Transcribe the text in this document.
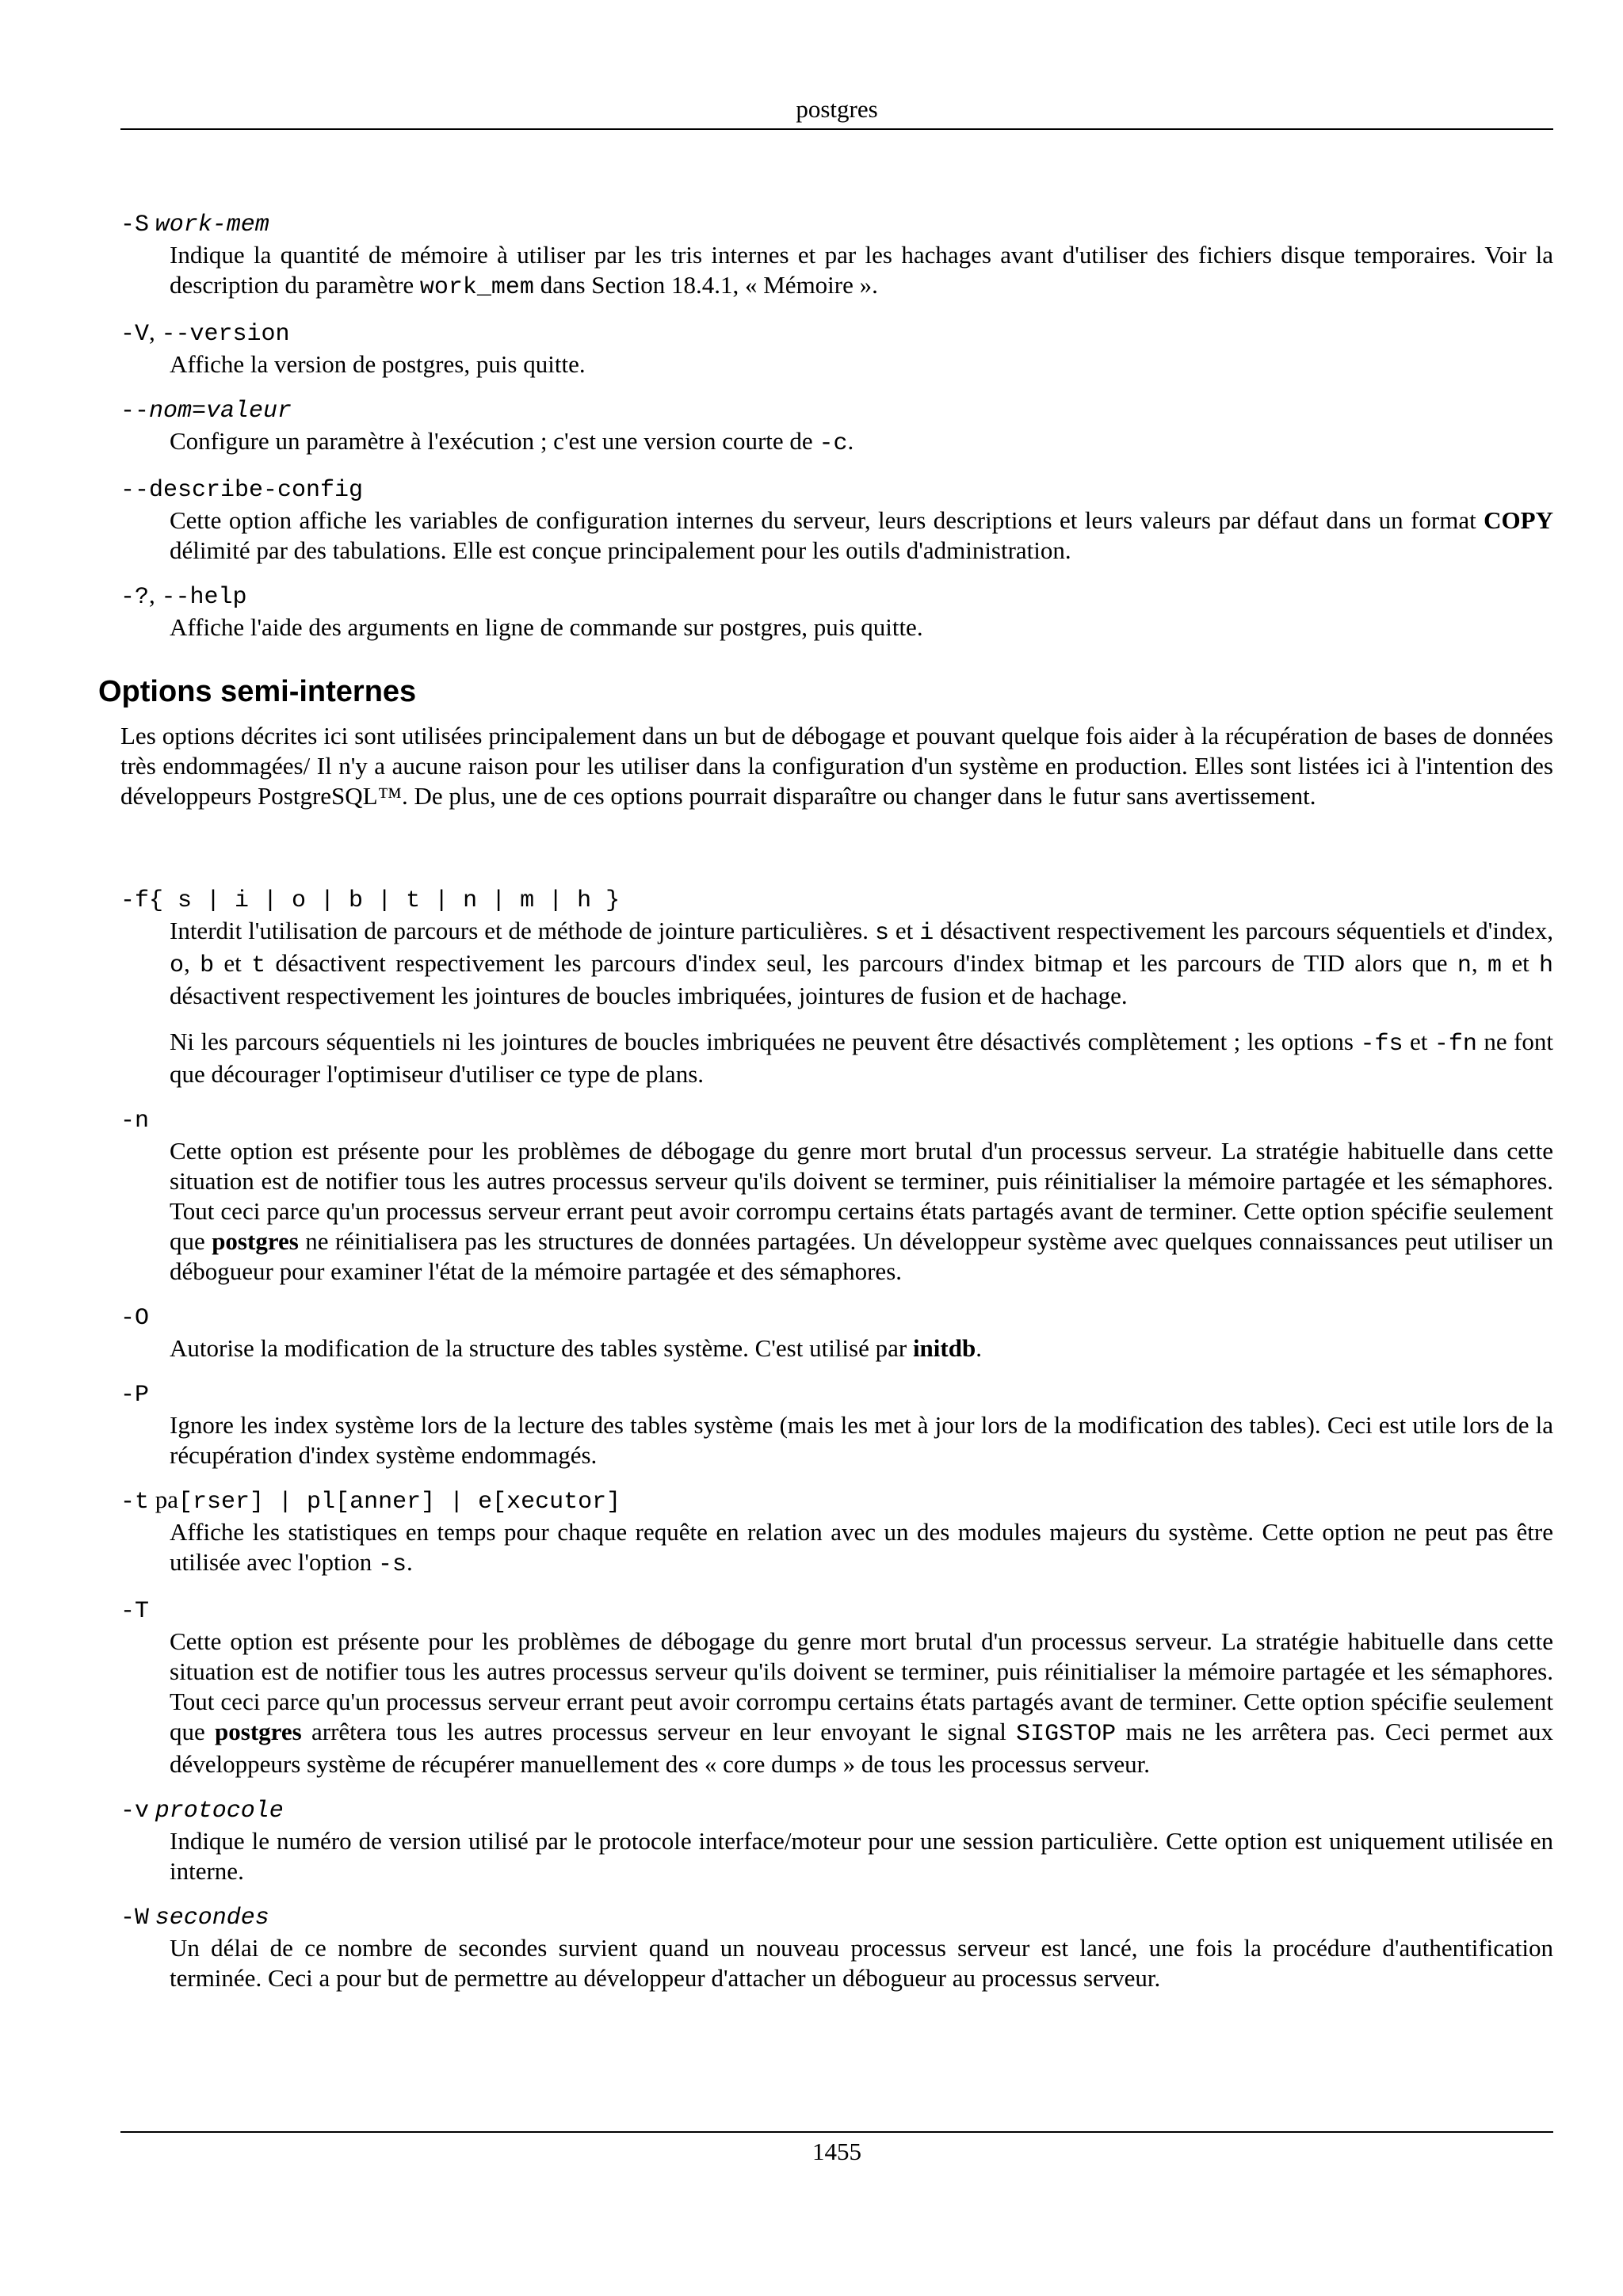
postgres
-S work-mem
Indique la quantité de mémoire à utiliser par les tris internes et par les hachages avant d'utiliser des fichiers disque temporaires. Voir la description du paramètre work_mem dans Section 18.4.1, « Mémoire ».
-V, --version
Affiche la version de postgres, puis quitte.
--nom=valeur
Configure un paramètre à l'exécution ; c'est une version courte de -c.
--describe-config
Cette option affiche les variables de configuration internes du serveur, leurs descriptions et leurs valeurs par défaut dans un format COPY délimité par des tabulations. Elle est conçue principalement pour les outils d'administration.
-?, --help
Affiche l'aide des arguments en ligne de commande sur postgres, puis quitte.
Options semi-internes

Les options décrites ici sont utilisées principalement dans un but de débogage et pouvant quelque fois aider à la récupération de bases de données très endommagées/ Il n'y a aucune raison pour les utiliser dans la configuration d'un système en production. Elles sont listées ici à l'intention des développeurs PostgreSQL™. De plus, une de ces options pourrait disparaître ou changer dans le futur sans avertissement.

-f{ s | i | o | b | t | n | m | h }

Interdit l'utilisation de parcours et de méthode de jointure particulières. s et i désactivent respectivement les parcours séquentiels et d'index, o, b et t désactivent respectivement les parcours d'index seul, les parcours d'index bitmap et les parcours de TID alors que n, m et h désactivent respectivement les jointures de boucles imbriquées, jointures de fusion et de hachage.

Ni les parcours séquentiels ni les jointures de boucles imbriquées ne peuvent être désactivés complètement ; les options -fs et -fn ne font que décourager l'optimiseur d'utiliser ce type de plans.

-n
Cette option est présente pour les problèmes de débogage du genre mort brutal d'un processus serveur. La stratégie habituelle dans cette situation est de notifier tous les autres processus serveur qu'ils doivent se terminer, puis réinitialiser la mémoire partagée et les sémaphores. Tout ceci parce qu'un processus serveur errant peut avoir corrompu certains états partagés avant de terminer. Cette option spécifie seulement que postgres ne réinitialisera pas les structures de données partagées. Un développeur système avec quelques connaissances peut utiliser un débogueur pour examiner l'état de la mémoire partagée et des sémaphores.
-O
Autorise la modification de la structure des tables système. C'est utilisé par initdb.
-P
Ignore les index système lors de la lecture des tables système (mais les met à jour lors de la modification des tables). Ceci est utile lors de la récupération d'index système endommagés.
-t pa[rser] | pl[anner] | e[xecutor]
Affiche les statistiques en temps pour chaque requête en relation avec un des modules majeurs du système. Cette option ne peut pas être utilisée avec l'option -s.
-T
Cette option est présente pour les problèmes de débogage du genre mort brutal d'un processus serveur. La stratégie habituelle dans cette situation est de notifier tous les autres processus serveur qu'ils doivent se terminer, puis réinitialiser la mémoire partagée et les sémaphores. Tout ceci parce qu'un processus serveur errant peut avoir corrompu certains états partagés avant de terminer. Cette option spécifie seulement que postgres arrêtera tous les autres processus serveur en leur envoyant le signal SIGSTOP mais ne les arrêtera pas. Ceci permet aux développeurs système de récupérer manuellement des « core dumps » de tous les processus serveur.
-v protocole
Indique le numéro de version utilisé par le protocole interface/moteur pour une session particulière. Cette option est uniquement utilisée en interne.
-W secondes
Un délai de ce nombre de secondes survient quand un nouveau processus serveur est lancé, une fois la procédure d'authentification terminée. Ceci a pour but de permettre au développeur d'attacher un débogueur au processus serveur.
1455
